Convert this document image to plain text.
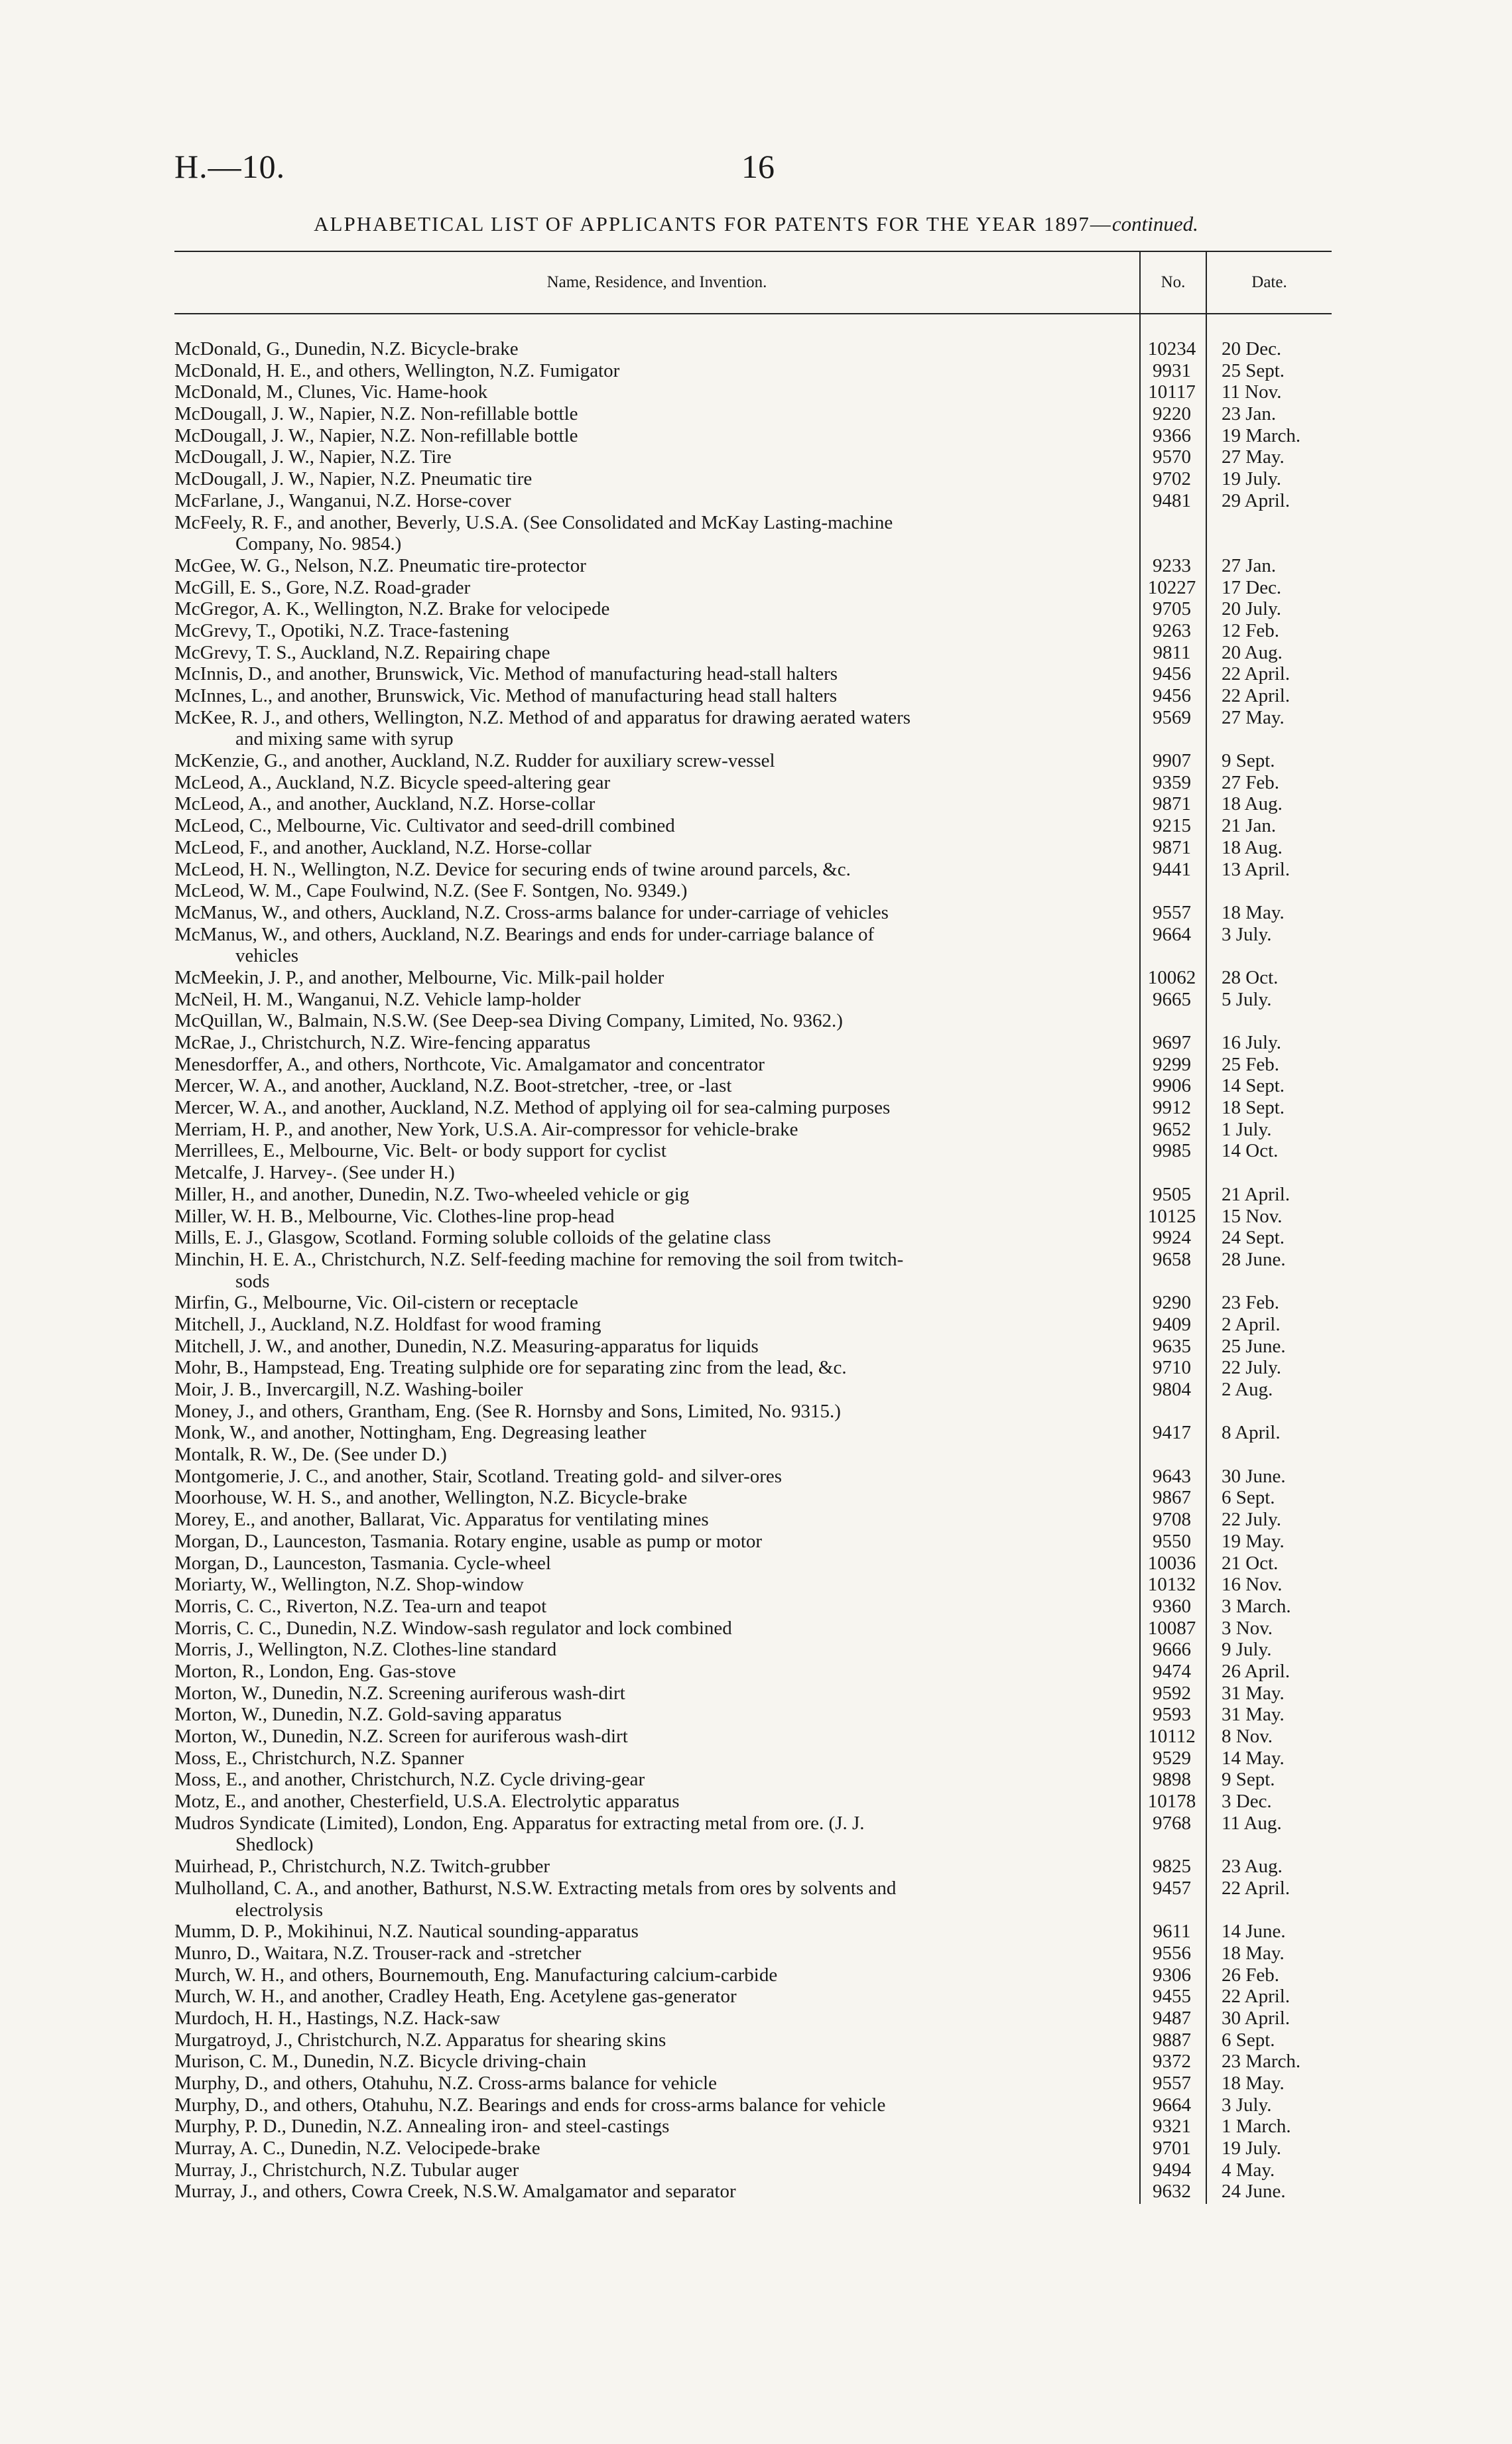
H.—10.	16
ALPHABETICAL LIST OF APPLICANTS FOR PATENTS FOR THE YEAR 1897—continued.
Name, Residence, and Invention.	No.	Date.
McDonald, G., Dunedin, N.Z. Bicycle-brake	10234	20 Dec.
McDonald, H. E., and others, Wellington, N.Z. Fumigator	9931	25 Sept.
McDonald, M., Clunes, Vic. Hame-hook	10117	11 Nov.
McDougall, J. W., Napier, N.Z. Non-refillable bottle	9220	23 Jan.
McDougall, J. W., Napier, N.Z. Non-refillable bottle	9366	19 March.
McDougall, J. W., Napier, N.Z. Tire	9570	27 May.
McDougall, J. W., Napier, N.Z. Pneumatic tire	9702	19 July.
McFarlane, J., Wanganui, N.Z. Horse-cover	9481	29 April.
McFeely, R. F., and another, Beverly, U.S.A. (See Consolidated and McKay Lasting-machine
Company, No. 9854.)
McGee, W. G., Nelson, N.Z. Pneumatic tire-protector	9233	27 Jan.
McGill, E. S., Gore, N.Z. Road-grader	10227	17 Dec.
McGregor, A. K., Wellington, N.Z. Brake for velocipede	9705	20 July.
McGrevy, T., Opotiki, N.Z. Trace-fastening	9263	12 Feb.
McGrevy, T. S., Auckland, N.Z. Repairing chape	9811	20 Aug.
McInnis, D., and another, Brunswick, Vic. Method of manufacturing head-stall halters	9456	22 April.
McInnes, L., and another, Brunswick, Vic. Method of manufacturing head stall halters	9456	22 April.
McKee, R. J., and others, Wellington, N.Z. Method of and apparatus for drawing aerated waters	9569	27 May.
and mixing same with syrup
McKenzie, G., and another, Auckland, N.Z. Rudder for auxiliary screw-vessel	9907	9 Sept.
McLeod, A., Auckland, N.Z. Bicycle speed-altering gear	9359	27 Feb.
McLeod, A., and another, Auckland, N.Z. Horse-collar	9871	18 Aug.
McLeod, C., Melbourne, Vic. Cultivator and seed-drill combined	9215	21 Jan.
McLeod, F., and another, Auckland, N.Z. Horse-collar	9871	18 Aug.
McLeod, H. N., Wellington, N.Z. Device for securing ends of twine around parcels, &c.	9441	13 April.
McLeod, W. M., Cape Foulwind, N.Z. (See F. Sontgen, No. 9349.)
McManus, W., and others, Auckland, N.Z. Cross-arms balance for under-carriage of vehicles	9557	18 May.
McManus, W., and others, Auckland, N.Z. Bearings and ends for under-carriage balance of	9664	3 July.
vehicles
McMeekin, J. P., and another, Melbourne, Vic. Milk-pail holder	10062	28 Oct.
McNeil, H. M., Wanganui, N.Z. Vehicle lamp-holder	9665	5 July.
McQuillan, W., Balmain, N.S.W. (See Deep-sea Diving Company, Limited, No. 9362.)
McRae, J., Christchurch, N.Z. Wire-fencing apparatus	9697	16 July.
Menesdorffer, A., and others, Northcote, Vic. Amalgamator and concentrator	9299	25 Feb.
Mercer, W. A., and another, Auckland, N.Z. Boot-stretcher, -tree, or -last	9906	14 Sept.
Mercer, W. A., and another, Auckland, N.Z. Method of applying oil for sea-calming purposes	9912	18 Sept.
Merriam, H. P., and another, New York, U.S.A. Air-compressor for vehicle-brake	9652	1 July.
Merrillees, E., Melbourne, Vic. Belt- or body support for cyclist	9985	14 Oct.
Metcalfe, J. Harvey-. (See under H.)
Miller, H., and another, Dunedin, N.Z. Two-wheeled vehicle or gig	9505	21 April.
Miller, W. H. B., Melbourne, Vic. Clothes-line prop-head	10125	15 Nov.
Mills, E. J., Glasgow, Scotland. Forming soluble colloids of the gelatine class	9924	24 Sept.
Minchin, H. E. A., Christchurch, N.Z. Self-feeding machine for removing the soil from twitch-	9658	28 June.
sods
Mirfin, G., Melbourne, Vic. Oil-cistern or receptacle	9290	23 Feb.
Mitchell, J., Auckland, N.Z. Holdfast for wood framing	9409	2 April.
Mitchell, J. W., and another, Dunedin, N.Z. Measuring-apparatus for liquids	9635	25 June.
Mohr, B., Hampstead, Eng. Treating sulphide ore for separating zinc from the lead, &c.	9710	22 July.
Moir, J. B., Invercargill, N.Z. Washing-boiler	9804	2 Aug.
Money, J., and others, Grantham, Eng. (See R. Hornsby and Sons, Limited, No. 9315.)
Monk, W., and another, Nottingham, Eng. Degreasing leather	9417	8 April.
Montalk, R. W., De. (See under D.)
Montgomerie, J. C., and another, Stair, Scotland. Treating gold- and silver-ores	9643	30 June.
Moorhouse, W. H. S., and another, Wellington, N.Z. Bicycle-brake	9867	6 Sept.
Morey, E., and another, Ballarat, Vic. Apparatus for ventilating mines	9708	22 July.
Morgan, D., Launceston, Tasmania. Rotary engine, usable as pump or motor	9550	19 May.
Morgan, D., Launceston, Tasmania. Cycle-wheel	10036	21 Oct.
Moriarty, W., Wellington, N.Z. Shop-window	10132	16 Nov.
Morris, C. C., Riverton, N.Z. Tea-urn and teapot	9360	3 March.
Morris, C. C., Dunedin, N.Z. Window-sash regulator and lock combined	10087	3 Nov.
Morris, J., Wellington, N.Z. Clothes-line standard	9666	9 July.
Morton, R., London, Eng. Gas-stove	9474	26 April.
Morton, W., Dunedin, N.Z. Screening auriferous wash-dirt	9592	31 May.
Morton, W., Dunedin, N.Z. Gold-saving apparatus	9593	31 May.
Morton, W., Dunedin, N.Z. Screen for auriferous wash-dirt	10112	8 Nov.
Moss, E., Christchurch, N.Z. Spanner	9529	14 May.
Moss, E., and another, Christchurch, N.Z. Cycle driving-gear	9898	9 Sept.
Motz, E., and another, Chesterfield, U.S.A. Electrolytic apparatus	10178	3 Dec.
Mudros Syndicate (Limited), London, Eng. Apparatus for extracting metal from ore. (J. J.	9768	11 Aug.
Shedlock)
Muirhead, P., Christchurch, N.Z. Twitch-grubber	9825	23 Aug.
Mulholland, C. A., and another, Bathurst, N.S.W. Extracting metals from ores by solvents and	9457	22 April.
electrolysis
Mumm, D. P., Mokihinui, N.Z. Nautical sounding-apparatus	9611	14 June.
Munro, D., Waitara, N.Z. Trouser-rack and -stretcher	9556	18 May.
Murch, W. H., and others, Bournemouth, Eng. Manufacturing calcium-carbide	9306	26 Feb.
Murch, W. H., and another, Cradley Heath, Eng. Acetylene gas-generator	9455	22 April.
Murdoch, H. H., Hastings, N.Z. Hack-saw	9487	30 April.
Murgatroyd, J., Christchurch, N.Z. Apparatus for shearing skins	9887	6 Sept.
Murison, C. M., Dunedin, N.Z. Bicycle driving-chain	9372	23 March.
Murphy, D., and others, Otahuhu, N.Z. Cross-arms balance for vehicle	9557	18 May.
Murphy, D., and others, Otahuhu, N.Z. Bearings and ends for cross-arms balance for vehicle	9664	3 July.
Murphy, P. D., Dunedin, N.Z. Annealing iron- and steel-castings	9321	1 March.
Murray, A. C., Dunedin, N.Z. Velocipede-brake	9701	19 July.
Murray, J., Christchurch, N.Z. Tubular auger	9494	4 May.
Murray, J., and others, Cowra Creek, N.S.W. Amalgamator and separator	9632	24 June.
